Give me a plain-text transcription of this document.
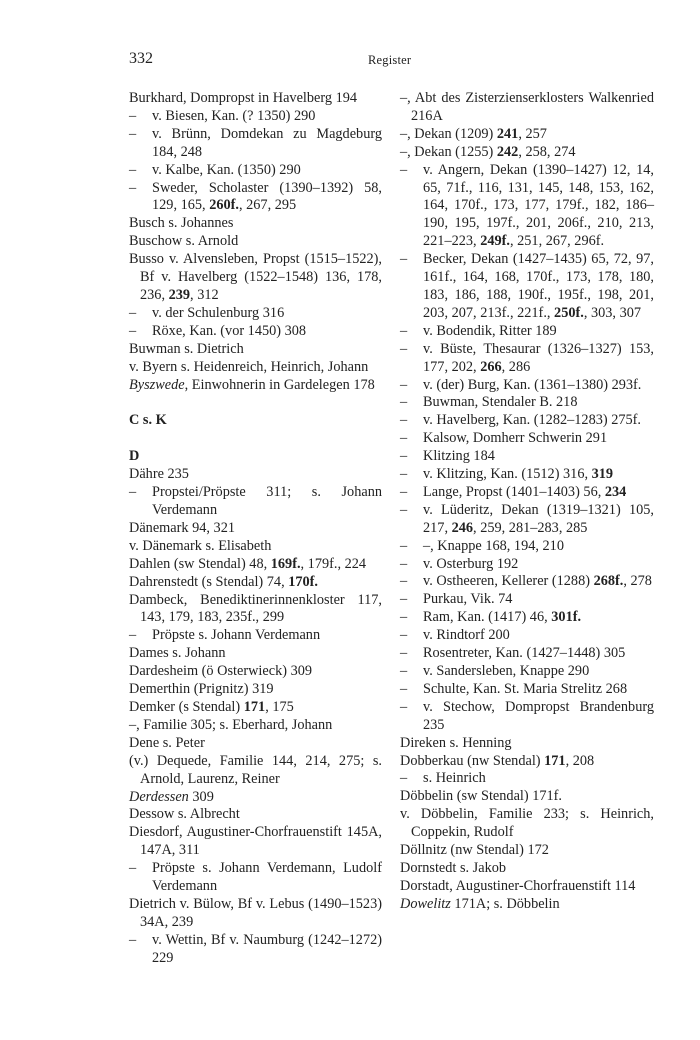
332	Register

Burkhard, Dompropst in Havelberg 194

– v. Biesen, Kan. (? 1350) 290

– v. Brünn, Domdekan zu Magdeburg 184, 248

– v. Kalbe, Kan. (1350) 290

– Sweder, Scholaster (1390–1392) 58, 129, 165, 260f., 267, 295

Busch s. Johannes

Buschow s. Arnold

Busso v. Alvensleben, Propst (1515–1522), Bf v. Havelberg (1522–1548) 136, 178, 236, 239, 312

– v. der Schulenburg 316

– Röxe, Kan. (vor 1450) 308

Buwman s. Dietrich

v. Byern s. Heidenreich, Heinrich, Johann

Byszwede, Einwohnerin in Gardelegen 178

C s. K

D

Dähre 235

– Propstei/Pröpste 311; s. Johann Verdemann

Dänemark 94, 321

v. Dänemark s. Elisabeth

Dahlen (sw Stendal) 48, 169f., 179f., 224

Dahrenstedt (s Stendal) 74, 170f.

Dambeck, Benediktinerinnenkloster 117, 143, 179, 183, 235f., 299

– Pröpste s. Johann Verdemann

Dames s. Johann

Dardesheim (ö Osterwieck) 309

Demerthin (Prignitz) 319

Demker (s Stendal) 171, 175

–, Familie 305; s. Eberhard, Johann

Dene s. Peter

(v.) Dequede, Familie 144, 214, 275; s. Arnold, Laurenz, Reiner

Derdessen 309

Dessow s. Albrecht

Diesdorf, Augustiner-Chorfrauenstift 145A, 147A, 311

– Pröpste s. Johann Verdemann, Ludolf Verdemann

Dietrich v. Bülow, Bf v. Lebus (1490–1523) 34A, 239

– v. Wettin, Bf v. Naumburg (1242–1272) 229

–, Abt des Zisterzienserklosters Walkenried 216A

–, Dekan (1209) 241, 257

–, Dekan (1255) 242, 258, 274

– v. Angern, Dekan (1390–1427) 12, 14, 65, 71f., 116, 131, 145, 148, 153, 162, 164, 170f., 173, 177, 179f., 182, 186–190, 195, 197f., 201, 206f., 210, 213, 221–223, 249f., 251, 267, 296f.

– Becker, Dekan (1427–1435) 65, 72, 97, 161f., 164, 168, 170f., 173, 178, 180, 183, 186, 188, 190f., 195f., 198, 201, 203, 207, 213f., 221f., 250f., 303, 307

– v. Bodendik, Ritter 189

– v. Büste, Thesaurar (1326–1327) 153, 177, 202, 266, 286

– v. (der) Burg, Kan. (1361–1380) 293f.

– Buwman, Stendaler B. 218

– v. Havelberg, Kan. (1282–1283) 275f.

– Kalsow, Domherr Schwerin 291

– Klitzing 184

– v. Klitzing, Kan. (1512) 316, 319

– Lange, Propst (1401–1403) 56, 234

– v. Lüderitz, Dekan (1319–1321) 105, 217, 246, 259, 281–283, 285

– –, Knappe 168, 194, 210

– v. Osterburg 192

– v. Ostheeren, Kellerer (1288) 268f., 278

– Purkau, Vik. 74

– Ram, Kan. (1417) 46, 301f.

– v. Rindtorf 200

– Rosentreter, Kan. (1427–1448) 305

– v. Sandersleben, Knappe 290

– Schulte, Kan. St. Maria Strelitz 268

– v. Stechow, Dompropst Brandenburg 235

Direken s. Henning

Dobberkau (nw Stendal) 171, 208

– s. Heinrich

Döbbelin (sw Stendal) 171f.

v. Döbbelin, Familie 233; s. Heinrich, Coppekin, Rudolf

Döllnitz (nw Stendal) 172

Dornstedt s. Jakob

Dorstadt, Augustiner-Chorfrauenstift 114

Dowelitz 171A; s. Döbbelin
